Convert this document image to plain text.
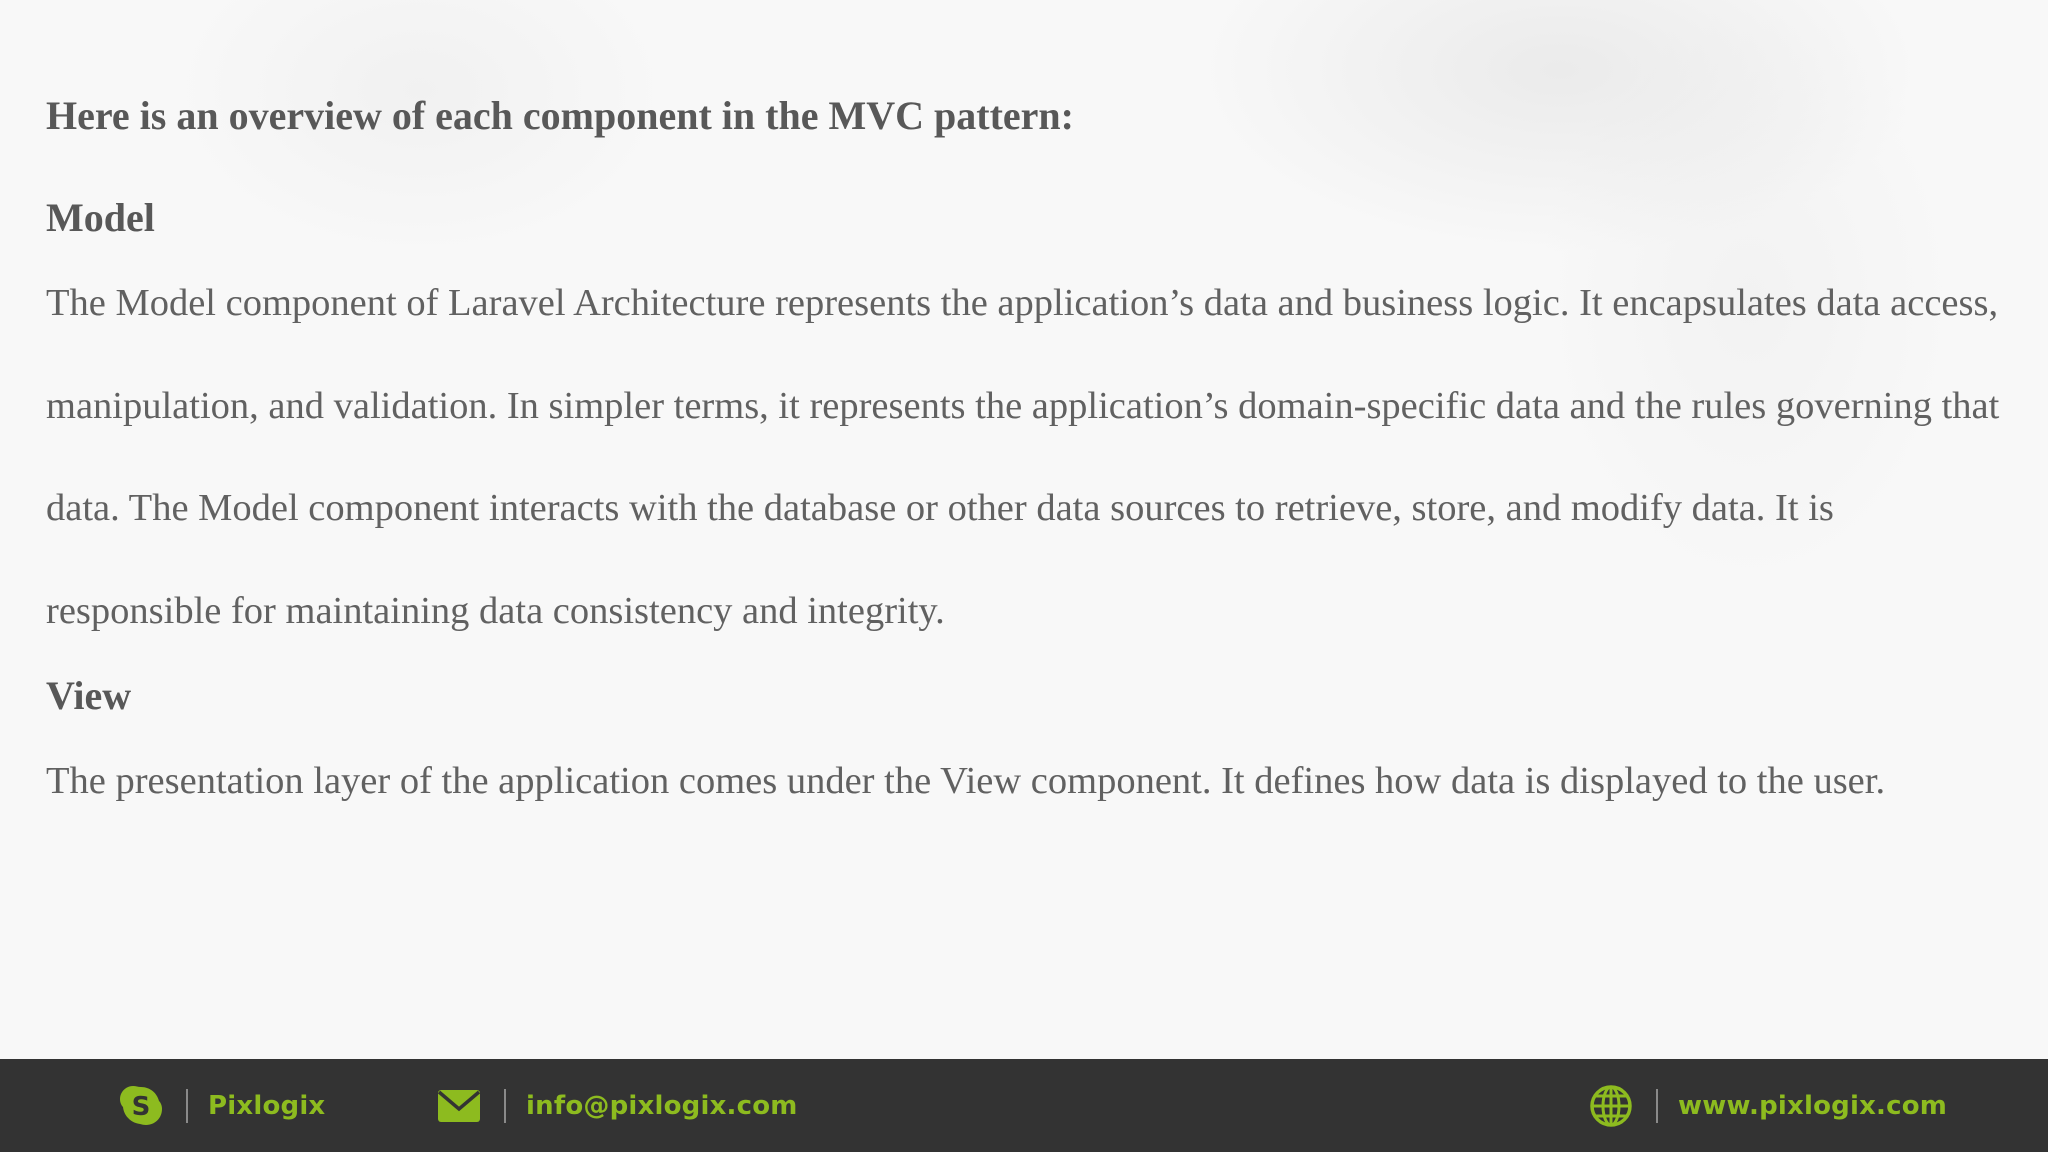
Here is an overview of each component in the MVC pattern:
Model

The Model component of Laravel Architecture represents the application’s data and business logic. It encapsulates data access, manipulation, and validation. In simpler terms, it represents the application’s domain-specific data and the rules governing that data. The Model component interacts with the database or other data sources to retrieve, store, and modify data. It is responsible for maintaining data consistency and integrity.

View

The presentation layer of the application comes under the View component. It defines how data is displayed to the user.

S Pixlogix	info@pixlogix.com	www.pixlogix.com
